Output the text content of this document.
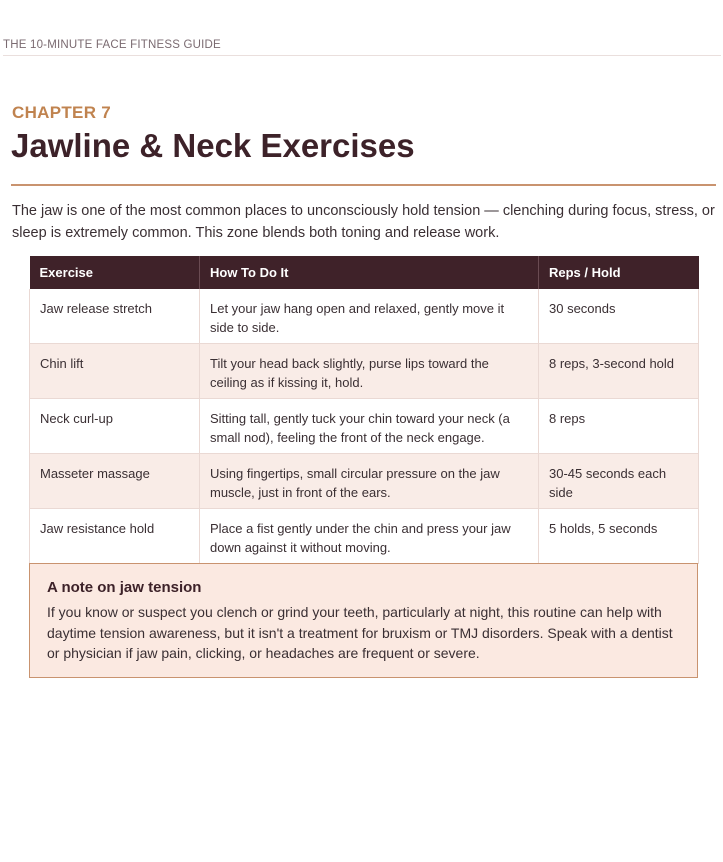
THE 10-MINUTE FACE FITNESS GUIDE
CHAPTER 7
Jawline & Neck Exercises

The jaw is one of the most common places to unconsciously hold tension — clenching during focus, stress, or sleep is extremely common. This zone blends both toning and release work.

Exercise	How To Do It	Reps / Hold
Jaw release stretch	Let your jaw hang open and relaxed, gently move it side to side.	30 seconds
Chin lift	Tilt your head back slightly, purse lips toward the ceiling as if kissing it, hold.	8 reps, 3-second hold
Neck curl-up	Sitting tall, gently tuck your chin toward your neck (a small nod), feeling the front of the neck engage.	8 reps
Masseter massage	Using fingertips, small circular pressure on the jaw muscle, just in front of the ears.	30-45 seconds each side
Jaw resistance hold	Place a fist gently under the chin and press your jaw down against it without moving.	5 holds, 5 seconds
A note on jaw tension

If you know or suspect you clench or grind your teeth, particularly at night, this routine can help with daytime tension awareness, but it isn't a treatment for bruxism or TMJ disorders. Speak with a dentist or physician if jaw pain, clicking, or headaches are frequent or severe.
